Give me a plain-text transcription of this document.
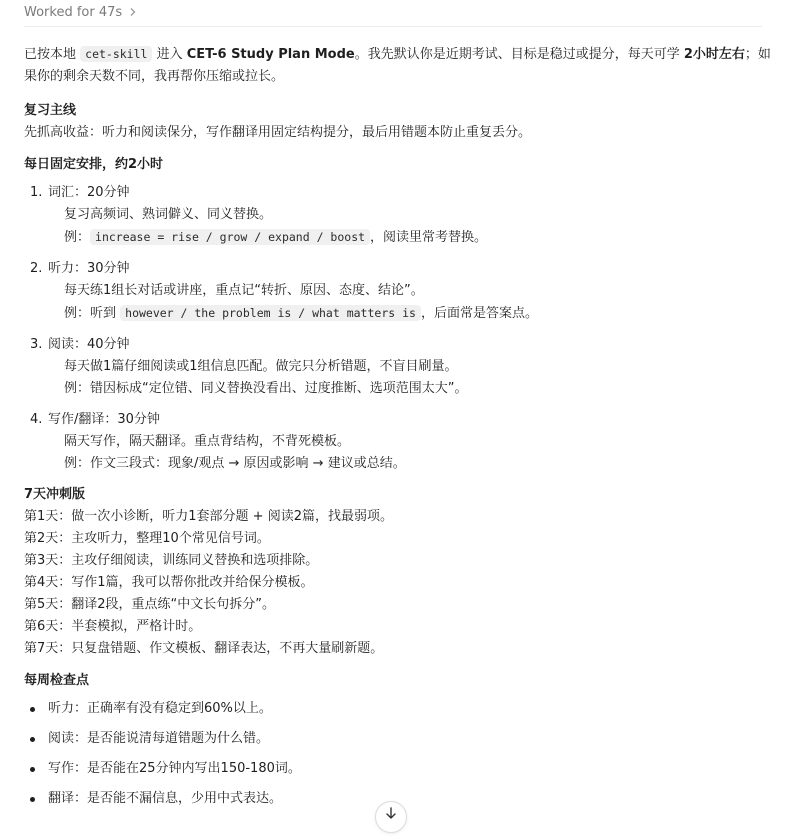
Worked for 47s

已按本地 cet-skill 进入 CET-6 Study Plan Mode。我先默认你是近期考试、目标是稳过或提分，每天可学 2小时左右；如果你的剩余天数不同，我再帮你压缩或拉长。

复习主线

先抓高收益：听力和阅读保分，写作翻译用固定结构提分，最后用错题本防止重复丢分。

每日固定安排，约2小时
1. 词汇：20分钟
复习高频词、熟词僻义、同义替换。
例： increase = rise / grow / expand / boost ，阅读里常考替换。
2. 听力：30分钟
每天练1组长对话或讲座，重点记“转折、原因、态度、结论”。
例：听到 however / the problem is / what matters is ，后面常是答案点。
3. 阅读：40分钟
每天做1篇仔细阅读或1组信息匹配。做完只分析错题，不盲目刷量。
例：错因标成“定位错、同义替换没看出、过度推断、选项范围太大”。
4. 写作/翻译：30分钟
隔天写作，隔天翻译。重点背结构，不背死模板。
例：作文三段式：现象/观点 → 原因或影响 → 建议或总结。
7天冲刺版
第1天：做一次小诊断，听力1套部分题 + 阅读2篇，找最弱项。
第2天：主攻听力，整理10个常见信号词。
第3天：主攻仔细阅读，训练同义替换和选项排除。
第4天：写作1篇，我可以帮你批改并给保分模板。
第5天：翻译2段，重点练“中文长句拆分”。
第6天：半套模拟，严格计时。
第7天：只复盘错题、作文模板、翻译表达，不再大量刷新题。
每周检查点
听力：正确率有没有稳定到60%以上。
阅读：是否能说清每道错题为什么错。
写作：是否能在25分钟内写出150-180词。
翻译：是否能不漏信息，少用中式表达。
